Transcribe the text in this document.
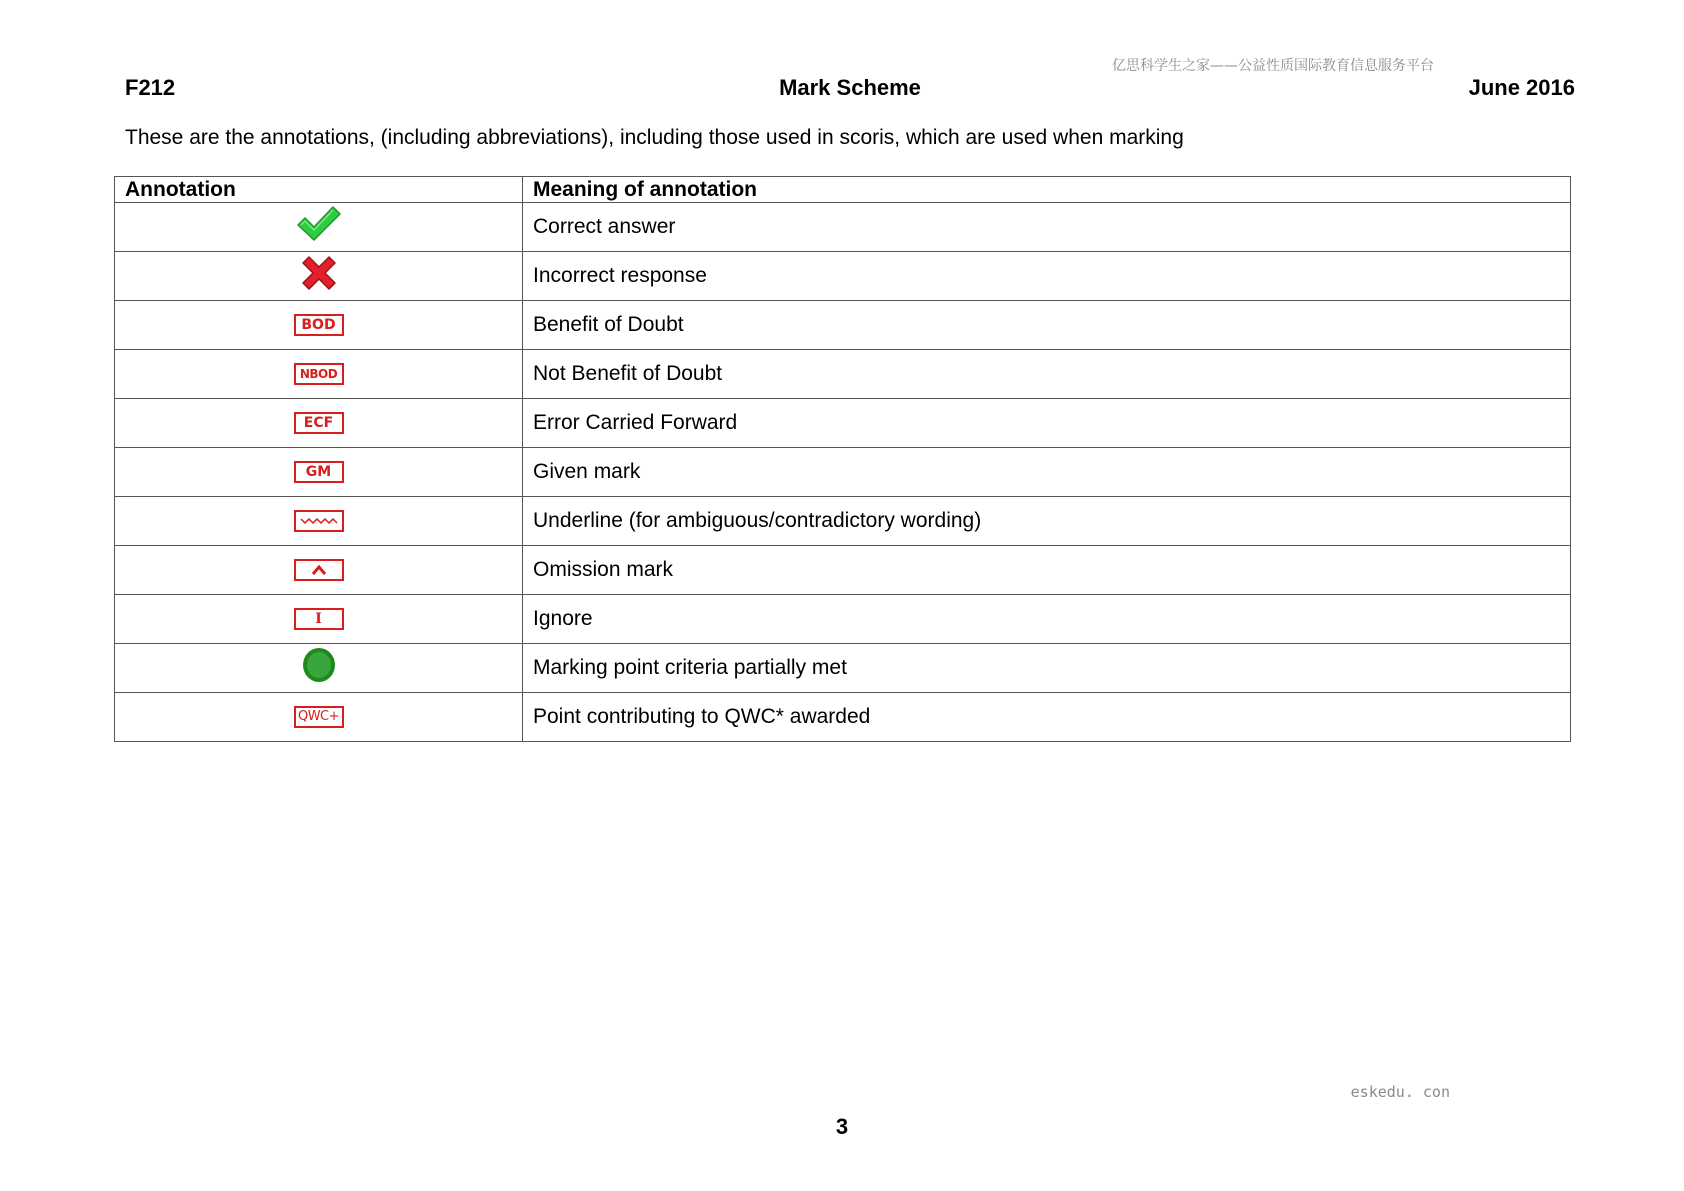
亿思科学生之家——公益性质国际教育信息服务平台
F212	Mark Scheme	June 2016
These are the annotations, (including abbreviations), including those used in scoris, which are used when marking
Annotation	Meaning of annotation
	Correct answer
	Incorrect response
BOD	Benefit of Doubt
NBOD	Not Benefit of Doubt
ECF	Error Carried Forward
GM	Given mark

	Underline (for ambiguous/contradictory wording)

	Omission mark
I	Ignore
	Marking point criteria partially met
QWC+	Point contributing to QWC* awarded
eskedu. con
3
